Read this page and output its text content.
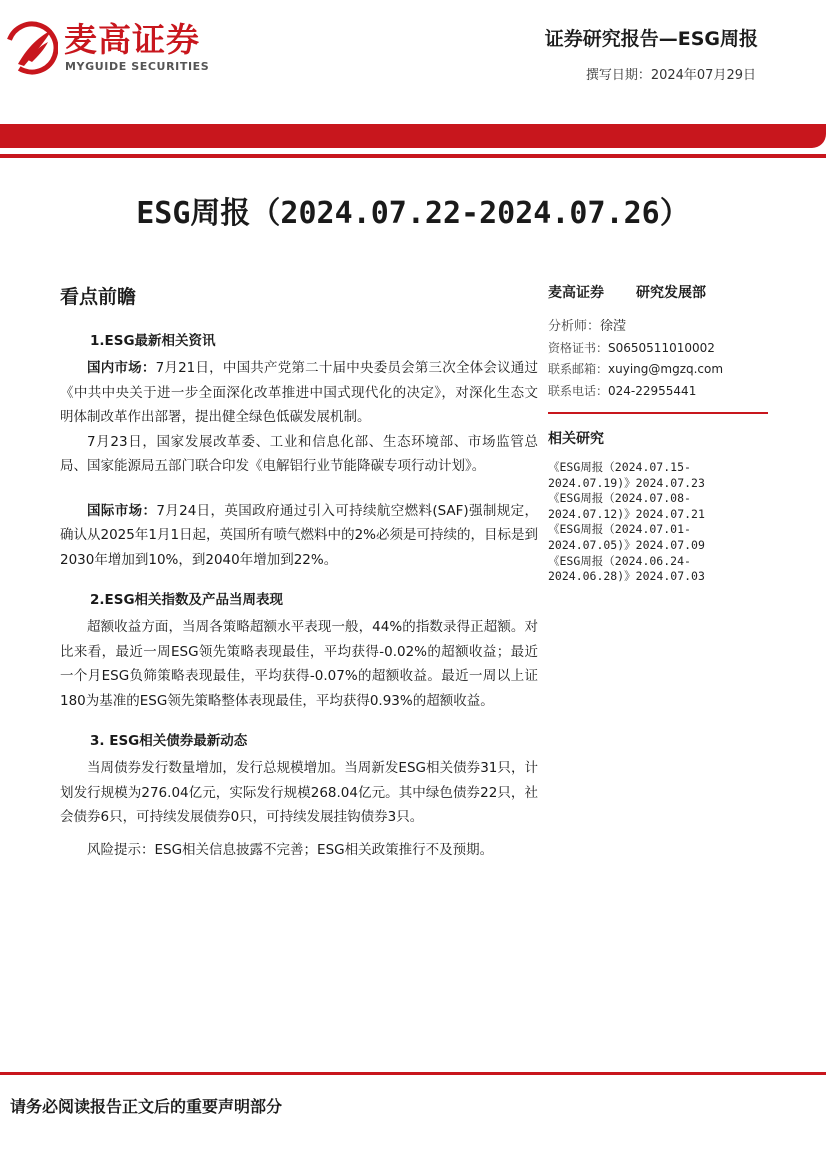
麦高证券
MYGUIDE SECURITIES
证券研究报告—ESG周报
撰写日期：2024年07月29日
ESG周报（2024.07.22-2024.07.26）
看点前瞻
1.ESG最新相关资讯

国内市场：7月21日，中国共产党第二十届中央委员会第三次全体会议通过《中共中央关于进一步全面深化改革推进中国式现代化的决定》，对深化生态文明体制改革作出部署，提出健全绿色低碳发展机制。

7月23日，国家发展改革委、工业和信息化部、生态环境部、市场监管总局、国家能源局五部门联合印发《电解铝行业节能降碳专项行动计划》。

国际市场：7月24日，英国政府通过引入可持续航空燃料(SAF)强制规定，确认从2025年1月1日起，英国所有喷气燃料中的2%必须是可持续的，目标是到2030年增加到10%，到2040年增加到22%。

2.ESG相关指数及产品当周表现

超额收益方面，当周各策略超额水平表现一般，44%的指数录得正超额。对比来看，最近一周ESG领先策略表现最佳，平均获得-0.02%的超额收益；最近一个月ESG负筛策略表现最佳，平均获得-0.07%的超额收益。最近一周以上证180为基准的ESG领先策略整体表现最佳，平均获得0.93%的超额收益。

3. ESG相关债券最新动态

当周债券发行数量增加，发行总规模增加。当周新发ESG相关债券31只，计划发行规模为276.04亿元，实际发行规模268.04亿元。其中绿色债券22只，社会债券6只，可持续发展债券0只，可持续发展挂钩债券3只。

风险提示：ESG相关信息披露不完善；ESG相关政策推行不及预期。

麦高证券 研究发展部
分析师：徐滢
资格证书：S0650511010002
联系邮箱：xuying@mgzq.com
联系电话：024-22955441
相关研究
《ESG周报（2024.07.15-
2024.07.19)》2024.07.23
《ESG周报（2024.07.08-
2024.07.12)》2024.07.21
《ESG周报（2024.07.01-
2024.07.05)》2024.07.09
《ESG周报（2024.06.24-
2024.06.28)》2024.07.03
请务必阅读报告正文后的重要声明部分
